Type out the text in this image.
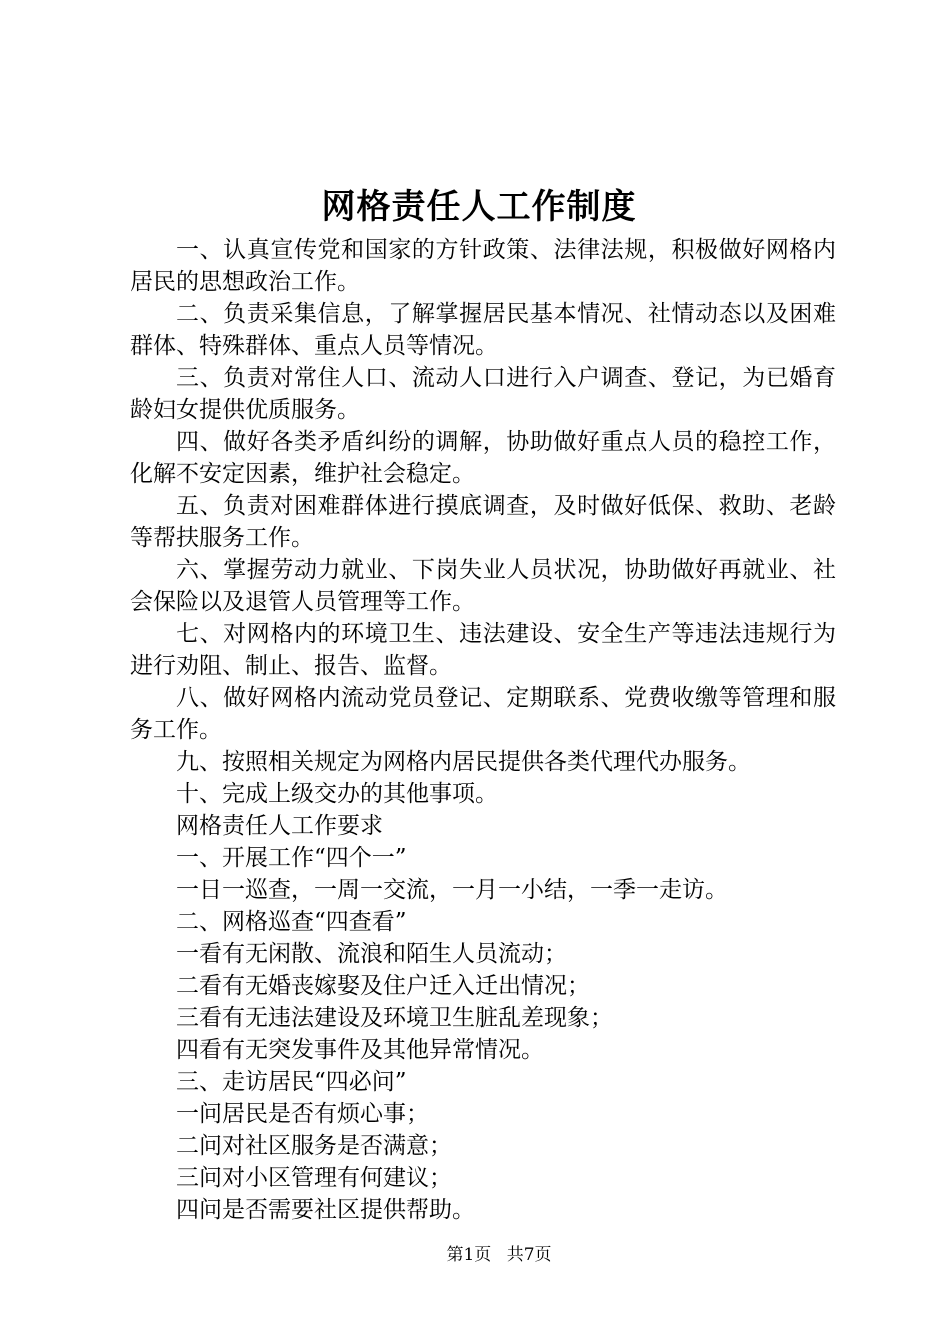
网格责任人工作制度

一、认真宣传党和国家的方针政策、法律法规，积极做好网格内居民的思想政治工作。

二、负责采集信息，了解掌握居民基本情况、社情动态以及困难群体、特殊群体、重点人员等情况。

三、负责对常住人口、流动人口进行入户调查、登记，为已婚育龄妇女提供优质服务。

四、做好各类矛盾纠纷的调解，协助做好重点人员的稳控工作，化解不安定因素，维护社会稳定。

五、负责对困难群体进行摸底调查，及时做好低保、救助、老龄等帮扶服务工作。

六、掌握劳动力就业、下岗失业人员状况，协助做好再就业、社会保险以及退管人员管理等工作。

七、对网格内的环境卫生、违法建设、安全生产等违法违规行为进行劝阻、制止、报告、监督。

八、做好网格内流动党员登记、定期联系、党费收缴等管理和服务工作。

九、按照相关规定为网格内居民提供各类代理代办服务。

十、完成上级交办的其他事项。

网格责任人工作要求

一、开展工作“四个一”

一日一巡查，一周一交流，一月一小结，一季一走访。

二、网格巡查“四查看”

一看有无闲散、流浪和陌生人员流动；

二看有无婚丧嫁娶及住户迁入迁出情况；

三看有无违法建设及环境卫生脏乱差现象；

四看有无突发事件及其他异常情况。

三、走访居民“四必问”

一问居民是否有烦心事；

二问对社区服务是否满意；

三问对小区管理有何建议；

四问是否需要社区提供帮助。

第1页 共7页
